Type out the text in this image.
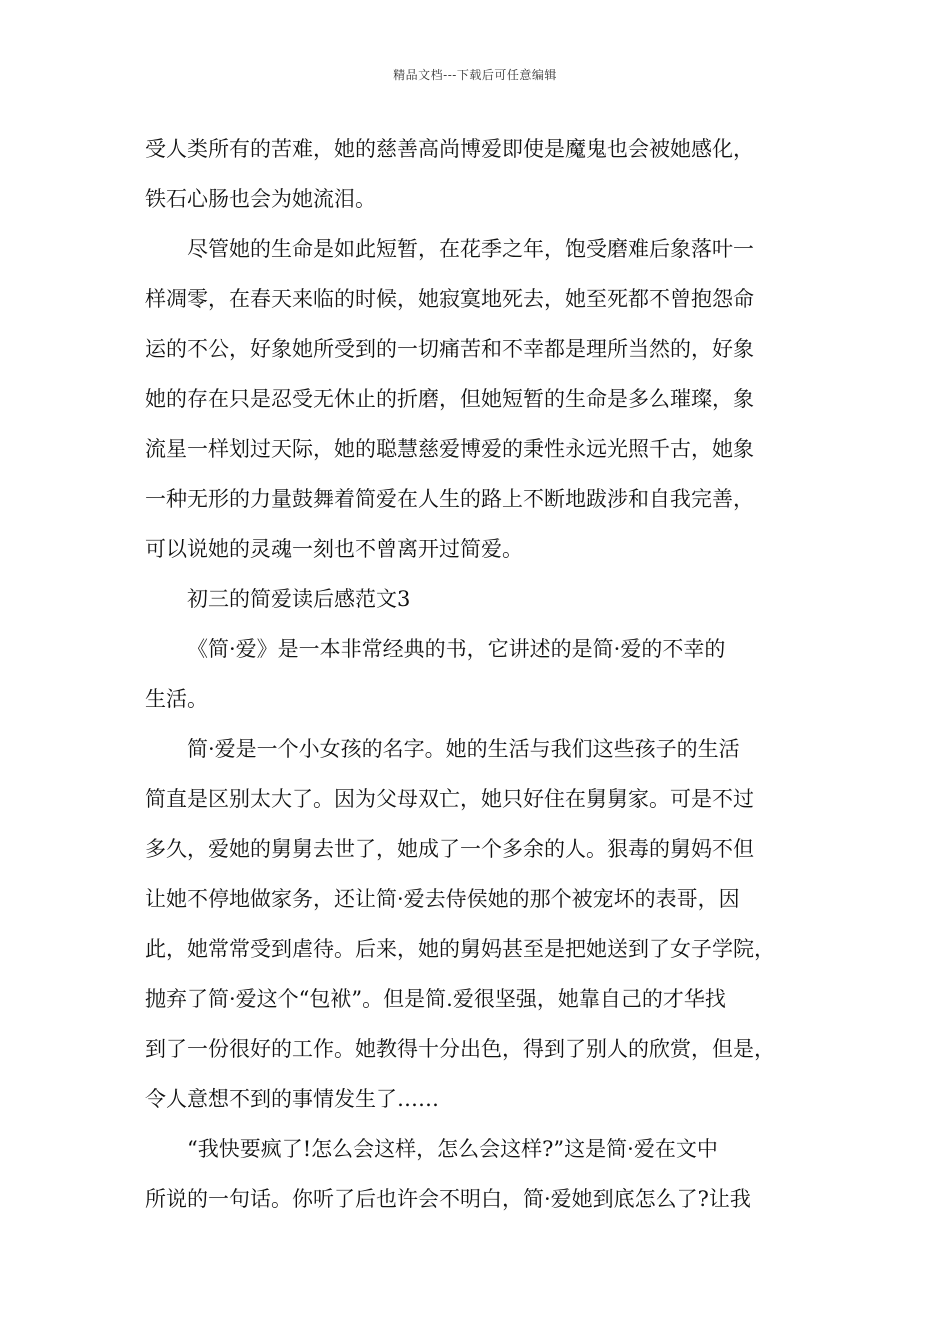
精品文档---下载后可任意编辑
受人类所有的苦难，她的慈善高尚博爱即使是魔鬼也会被她感化，
铁石心肠也会为她流泪。
尽管她的生命是如此短暂，在花季之年，饱受磨难后象落叶一
样凋零，在春天来临的时候，她寂寞地死去，她至死都不曾抱怨命
运的不公，好象她所受到的一切痛苦和不幸都是理所当然的，好象
她的存在只是忍受无休止的折磨，但她短暂的生命是多么璀璨，象
流星一样划过天际，她的聪慧慈爱博爱的秉性永远光照千古，她象
一种无形的力量鼓舞着简爱在人生的路上不断地跋涉和自我完善，
可以说她的灵魂一刻也不曾离开过简爱。
初三的简爱读后感范文3
《简·爱》是一本非常经典的书，它讲述的是简·爱的不幸的
生活。
简·爱是一个小女孩的名字。她的生活与我们这些孩子的生活
简直是区别太大了。因为父母双亡，她只好住在舅舅家。可是不过
多久，爱她的舅舅去世了，她成了一个多余的人。狠毒的舅妈不但
让她不停地做家务，还让简·爱去侍侯她的那个被宠坏的表哥，因
此，她常常受到虐待。后来，她的舅妈甚至是把她送到了女子学院，
抛弃了简·爱这个“包袱”。但是简.爱很坚强，她靠自己的才华找
到了一份很好的工作。她教得十分出色，得到了别人的欣赏，但是，
令人意想不到的事情发生了……
“我快要疯了!怎么会这样，怎么会这样?”这是简·爱在文中
所说的一句话。你听了后也许会不明白，简·爱她到底怎么了?让我
